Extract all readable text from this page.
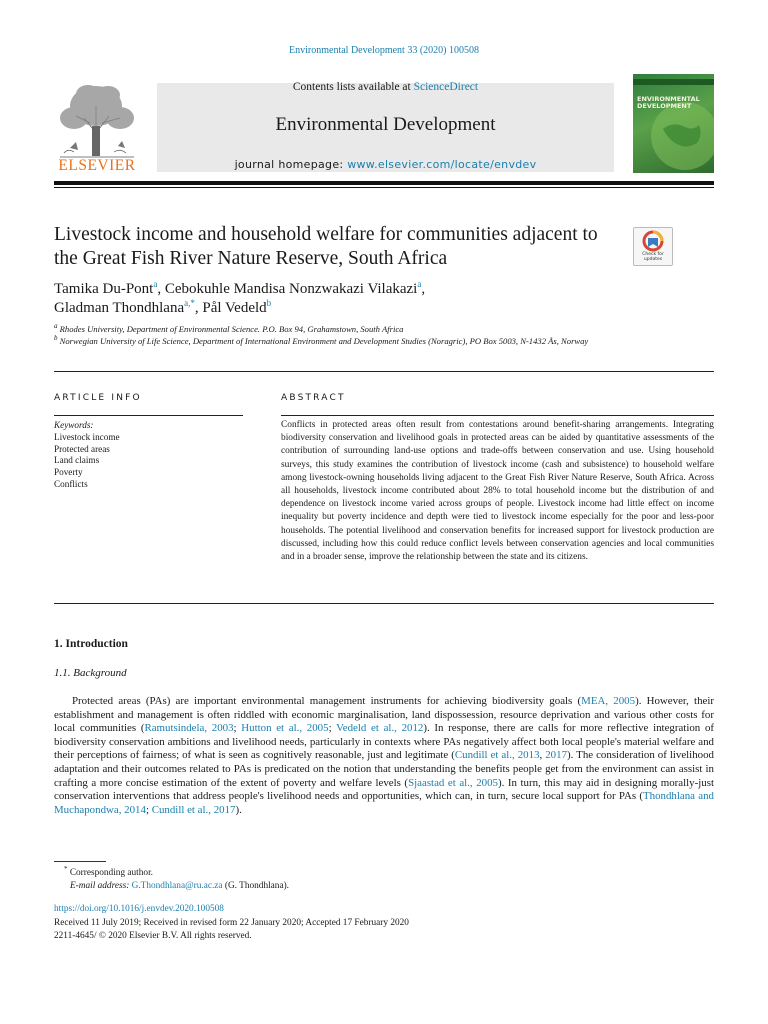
Environmental Development 33 (2020) 100508
Contents lists available at ScienceDirect
Environmental Development
journal homepage: www.elsevier.com/locate/envdev
ELSEVIER
ENVIRONMENTAL DEVELOPMENT
Livestock income and household welfare for communities adjacent to the Great Fish River Nature Reserve, South Africa	Check for updates
Tamika Du-Pont$^a$, Cebokuhle Mandisa Nonzwakazi Vilakazi$^a$,
Gladman Thondhlana$^{a,*}$, Pål Vedeld$^b$
$^a$ Rhodes University, Department of Environmental Science. P.O. Box 94, Grahamstown, South Africa
$^b$ Norwegian University of Life Science, Department of International Environment and Development Studies (Noragric), PO Box 5003, N-1432 Ås, Norway
ARTICLE INFO	ABSTRACT
Keywords:
Livestock income
Protected areas
Land claims
Poverty
Conflicts
Conflicts in protected areas often result from contestations around benefit-sharing arrangements. Integrating biodiversity conservation and livelihood goals in protected areas can be aided by quantitative assessments of the contribution of surrounding land-use options and trade-offs between conservation and use. Using household surveys, this study examines the contribution of livestock income (cash and subsistence) to household welfare among livestock-owning households living adjacent to the Great Fish River Nature Reserve, South Africa. Across all households, livestock income contributed about 28% to total household income but the distribution of and dependence on livestock income varied across groups of people. Livestock income had little effect on income inequality but poverty incidence and depth were tied to livestock income especially for the poor and less-poor households. The potential livelihood and conservation benefits for increased support for livestock production are discussed, including how this could reduce conflict levels between conservation agencies and local communities and in a broader sense, improve the relationship between the state and its citizens.
1. Introduction
1.1. Background
Protected areas (PAs) are important environmental management instruments for achieving biodiversity goals (MEA, 2005). However, their establishment and management is often riddled with economic marginalisation, land dispossession, resource deprivation and various other costs for local communities (Ramutsindela, 2003; Hutton et al., 2005; Vedeld et al., 2012). In response, there are calls for more reflective integration of biodiversity conservation ambitions and livelihood needs, particularly in contexts where PAs negatively affect both local people's material welfare and their perceptions of fairness; of what is seen as cognitively reasonable, just and legitimate (Cundill et al., 2013, 2017). The consideration of livelihood adaptation and their outcomes related to PAs is predicated on the notion that understanding the benefits people get from the environment can assist in crafting a more concise estimation of the extent of poverty and welfare levels (Sjaastad et al., 2005). In turn, this may aid in designing morally-just conservation interventions that address people's livelihood needs and opportunities, which can, in turn, secure local support for PAs (Thondhlana and Muchapondwa, 2014; Cundill et al., 2017).
* Corresponding author.
E-mail address: G.Thondhlana@ru.ac.za (G. Thondhlana).
https://doi.org/10.1016/j.envdev.2020.100508
Received 11 July 2019; Received in revised form 22 January 2020; Accepted 17 February 2020
2211-4645/ © 2020 Elsevier B.V. All rights reserved.
